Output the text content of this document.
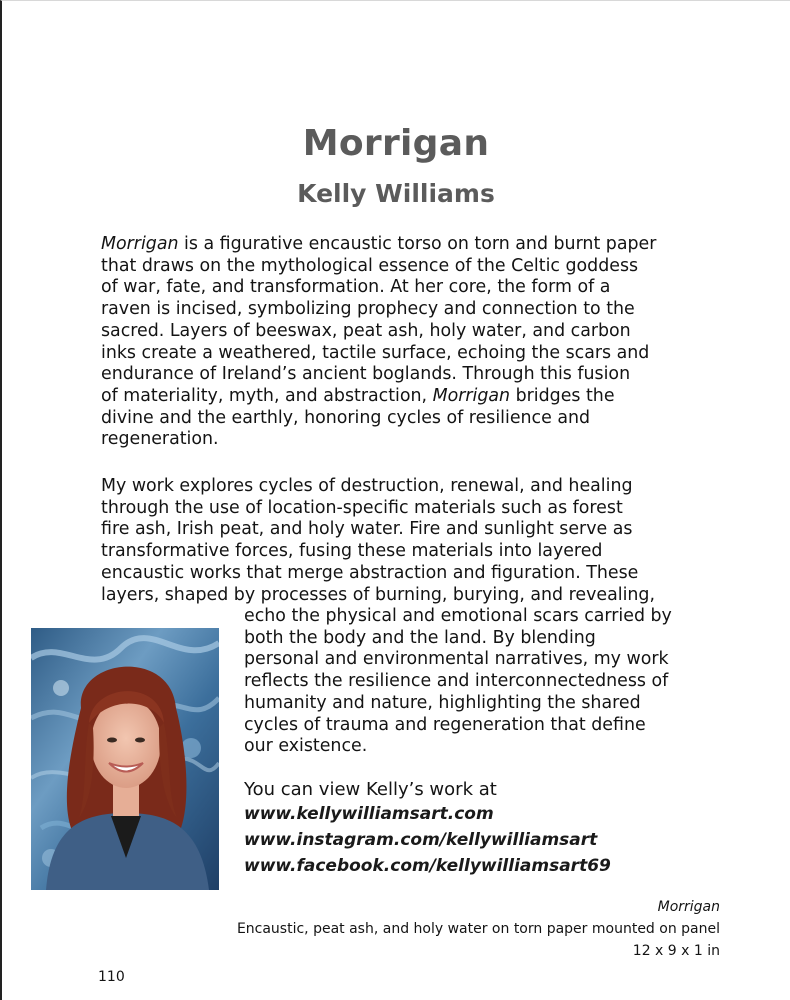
Morrigan
Kelly Williams

Morrigan is a figurative encaustic torso on torn and burnt paper
that draws on the mythological essence of the Celtic goddess
of war, fate, and transformation. At her core, the form of a
raven is incised, symbolizing prophecy and connection to the
sacred. Layers of beeswax, peat ash, holy water, and carbon
inks create a weathered, tactile surface, echoing the scars and
endurance of Ireland’s ancient boglands. Through this fusion
of materiality, myth, and abstraction, Morrigan bridges the
divine and the earthly, honoring cycles of resilience and
regeneration.

My work explores cycles of destruction, renewal, and healing
through the use of location-specific materials such as forest
fire ash, Irish peat, and holy water. Fire and sunlight serve as
transformative forces, fusing these materials into layered
encaustic works that merge abstraction and figuration. These
layers, shaped by processes of burning, burying, and revealing,

echo the physical and emotional scars carried by
both the body and the land. By blending
personal and environmental narratives, my work
reflects the resilience and interconnectedness of
humanity and nature, highlighting the shared
cycles of trauma and regeneration that define
our existence.

You can view Kelly’s work at

www.kellywilliamsart.com
www.instagram.com/kellywilliamsart
www.facebook.com/kellywilliamsart69

Morrigan

Encaustic, peat ash, and holy water on torn paper mounted on panel

12 x 9 x 1 in

110
